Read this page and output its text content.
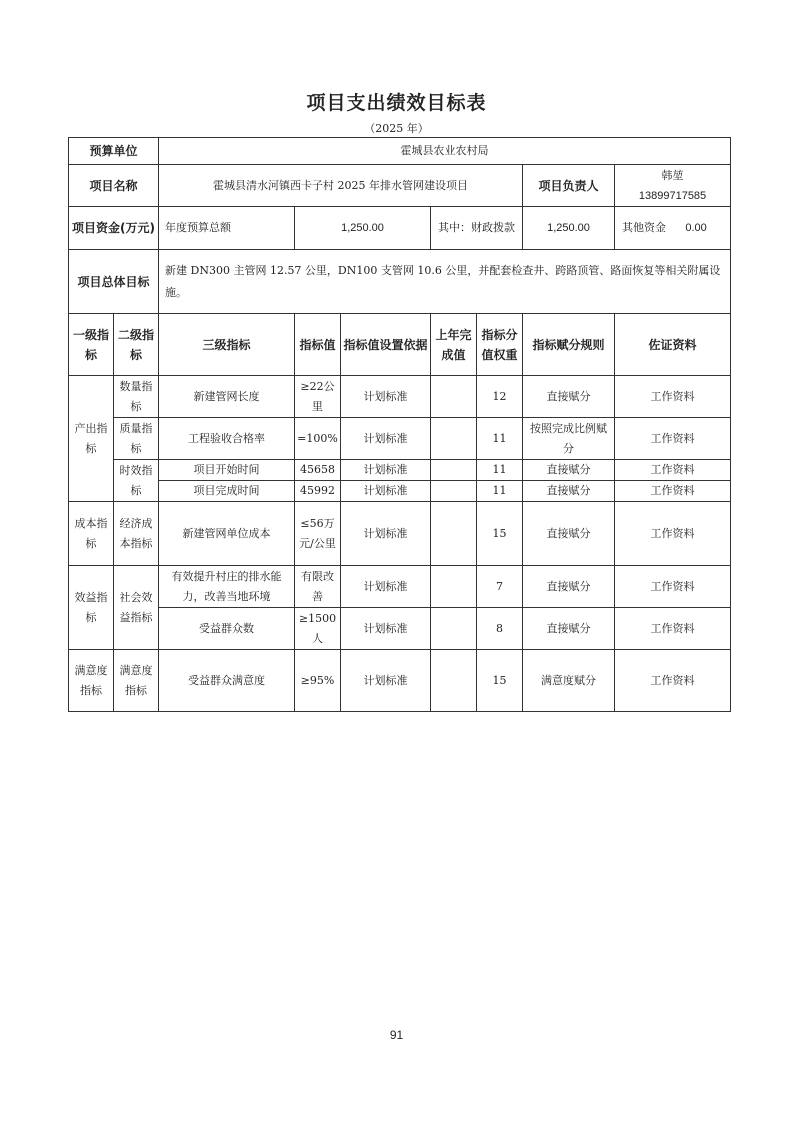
项目支出绩效目标表
（2025 年）
预算单位		霍城县农业农村局						
项目名称		霍城县清水河镇西卡子村 2025 年排水管网建设项目					项目负责人	韩堃
13899717585

项目资金(万元)		年度预算总额	1,250.00		其中：财政拨款		1,250.00	其他资金 0.00
项目总体目标		新建 DN300 主管网 12.57 公里，DN100 支管网 10.6 公里，并配套检查井、跨路顶管、路面恢复等相关附属设施。						
一级指标	二级指标	三级指标	指标值	指标值设置依据	上年完成值	指标分值权重	指标赋分规则	佐证资料
产出指标	数量指标	新建管网长度	≥22公里	计划标准		12	直接赋分	工作资料
	质量指标	工程验收合格率	=100%	计划标准		11	按照完成比例赋分	工作资料
	时效指标	项目开始时间	45658	计划标准		11	直接赋分	工作资料
		项目完成时间	45992	计划标准		11	直接赋分	工作资料
成本指标	经济成本指标	新建管网单位成本	≤56万元/公里	计划标准		15	直接赋分	工作资料
效益指标	社会效益指标	有效提升村庄的排水能力，改善当地环境	有限改善	计划标准		7	直接赋分	工作资料
		受益群众数	≥1500人	计划标准		8	直接赋分	工作资料
满意度指标	满意度指标	受益群众满意度	≥95%	计划标准		15	满意度赋分	工作资料
91
